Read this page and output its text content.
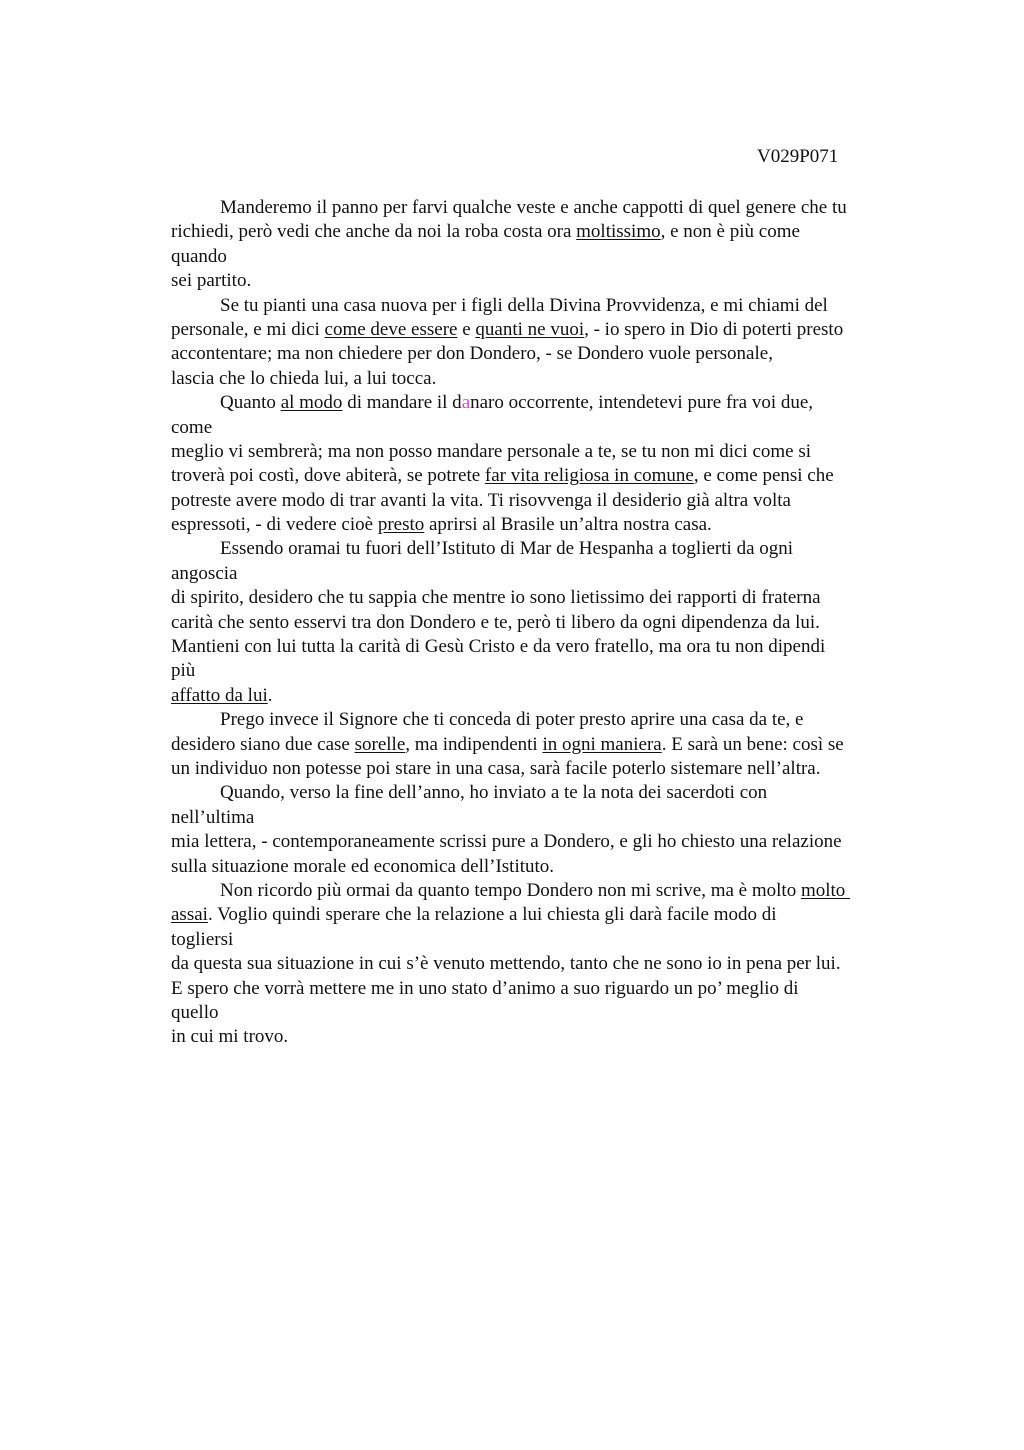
V029P071
Manderemo il panno per farvi qualche veste e anche cappotti di quel genere che tu
richiedi, però vedi che anche da noi la roba costa ora moltissimo, e non è più come
quando
sei partito.
Se tu pianti una casa nuova per i figli della Divina Provvidenza, e mi chiami del
personale, e mi dici come deve essere e quanti ne vuoi, - io spero in Dio di poterti presto
accontentare; ma non chiedere per don Dondero, - se Dondero vuole personale,
lascia che lo chieda lui, a lui tocca.
Quanto al modo di mandare il danaro occorrente, intendetevi pure fra voi due,
come
meglio vi sembrerà; ma non posso mandare personale a te, se tu non mi dici come si
troverà poi costì, dove abiterà, se potrete far vita religiosa in comune, e come pensi che
potreste avere modo di trar avanti la vita. Ti risovvenga il desiderio già altra volta
espressoti, - di vedere cioè presto aprirsi al Brasile un’altra nostra casa.
Essendo oramai tu fuori dell’Istituto di Mar de Hespanha a toglierti da ogni
angoscia
di spirito, desidero che tu sappia che mentre io sono lietissimo dei rapporti di fraterna
carità che sento esservi tra don Dondero e te, però ti libero da ogni dipendenza da lui.
Mantieni con lui tutta la carità di Gesù Cristo e da vero fratello, ma ora tu non dipendi
più
affatto da lui.
Prego invece il Signore che ti conceda di poter presto aprire una casa da te, e
desidero siano due case sorelle, ma indipendenti in ogni maniera. E sarà un bene: così se
un individuo non potesse poi stare in una casa, sarà facile poterlo sistemare nell’altra.
Quando, verso la fine dell’anno, ho inviato a te la nota dei sacerdoti con
nell’ultima
mia lettera, - contemporaneamente scrissi pure a Dondero, e gli ho chiesto una relazione
sulla situazione morale ed economica dell’Istituto.
Non ricordo più ormai da quanto tempo Dondero non mi scrive, ma è molto molto
assai. Voglio quindi sperare che la relazione a lui chiesta gli darà facile modo di
togliersi
da questa sua situazione in cui s’è venuto mettendo, tanto che ne sono io in pena per lui.
E spero che vorrà mettere me in uno stato d’animo a suo riguardo un po’ meglio di
quello
in cui mi trovo.
